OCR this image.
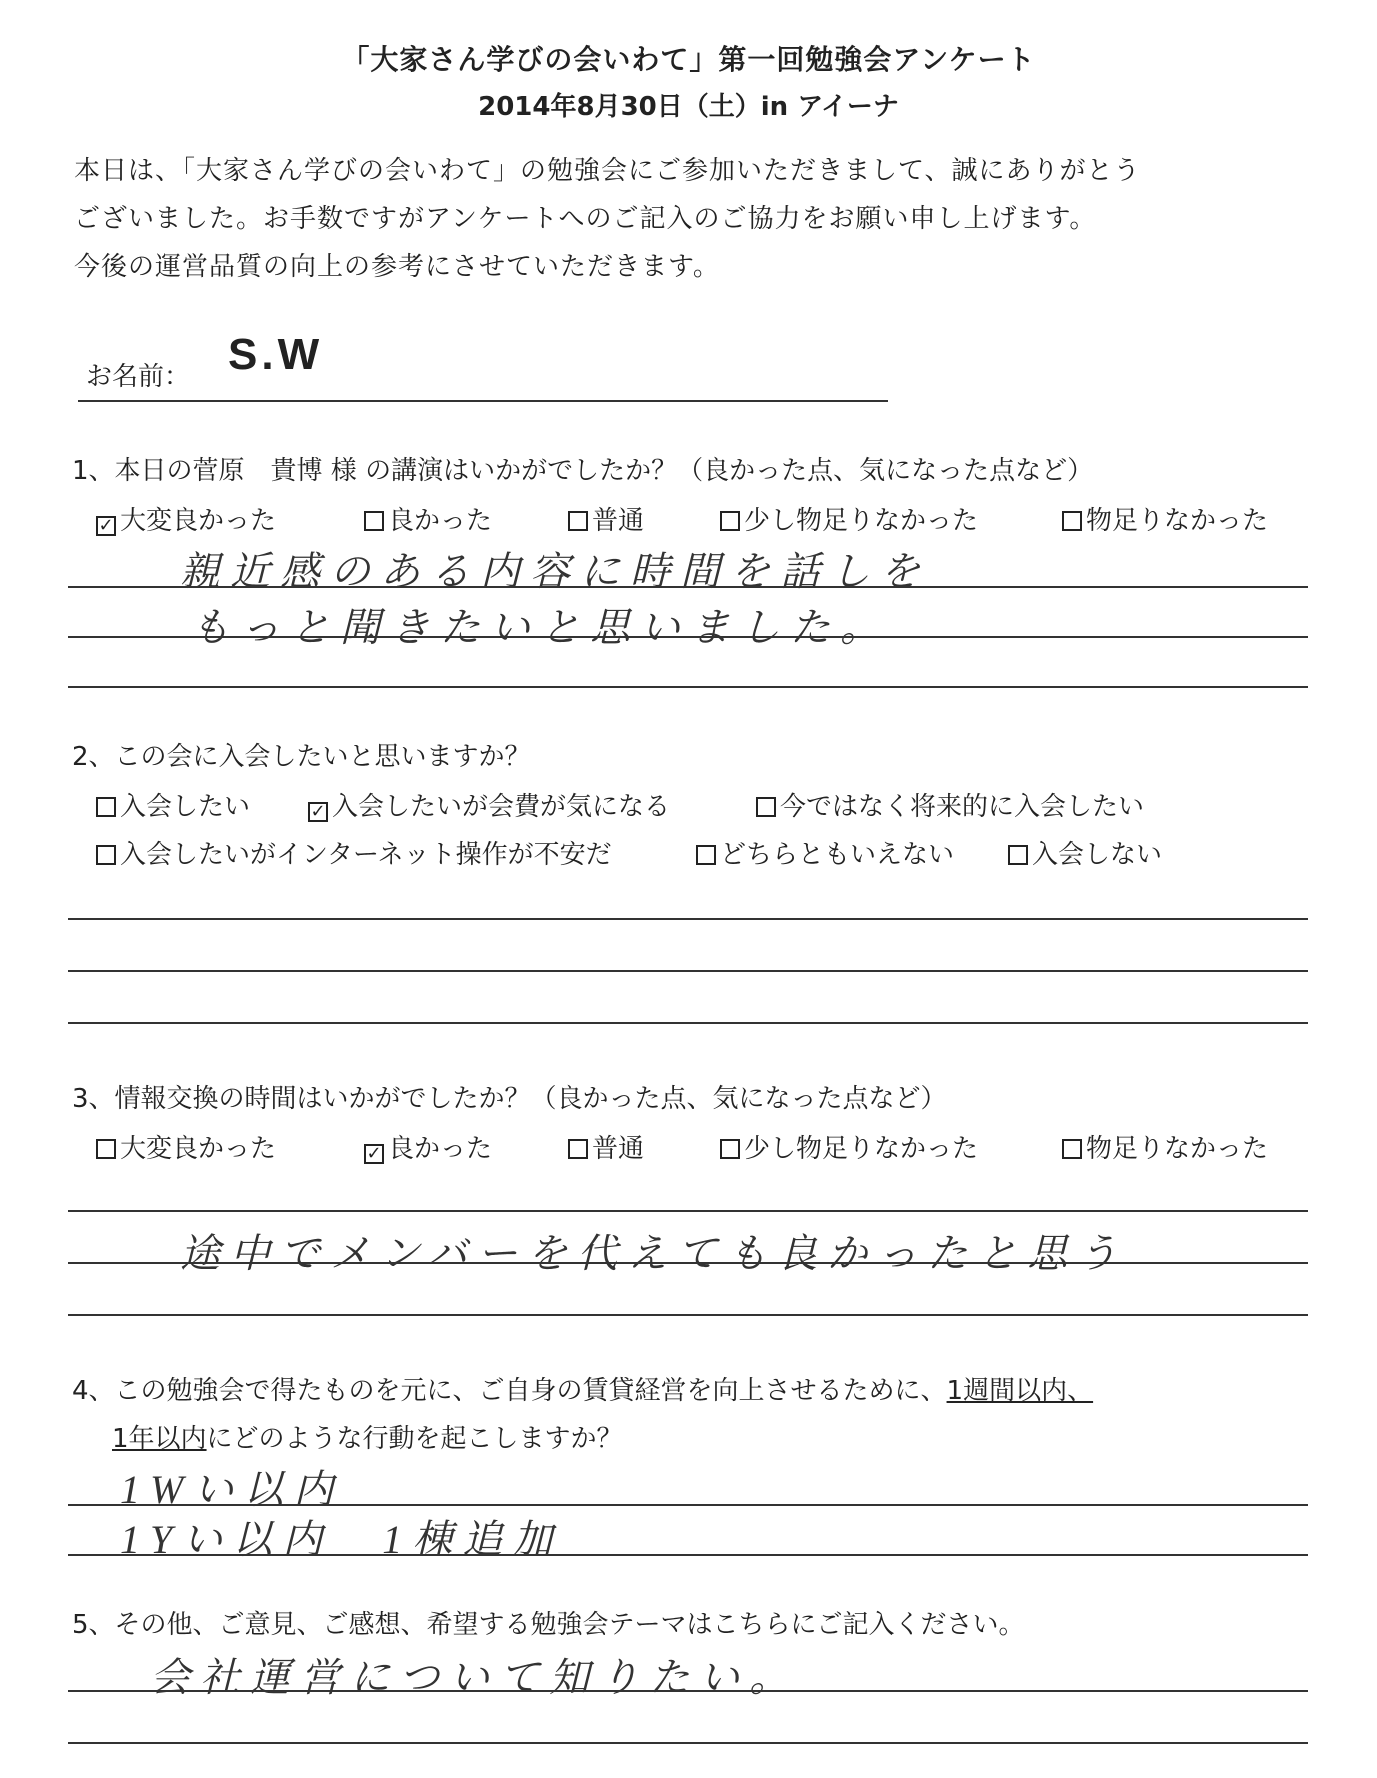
「大家さん学びの会いわて」第一回勉強会アンケート
2014年8月30日（土）in アイーナ
本日は、「大家さん学びの会いわて」の勉強会にご参加いただきまして、誠にありがとう
ございました。お手数ですがアンケートへのご記入のご協力をお願い申し上げます。
今後の運営品質の向上の参考にさせていただきます。
お名前： S.W
1、本日の菅原　貴博 様 の講演はいかがでしたか？（良かった点、気になった点など）
✓ 大変良かった	良かった	普通	少し物足りなかった	物足りなかった
親近感のある内容に時間を話しを
もっと聞きたいと思いました。
2、この会に入会したいと思いますか？
入会したい	✓ 入会したいが会費が気になる	今ではなく将来的に入会したい
入会したいがインターネット操作が不安だ	どちらともいえない	入会しない
3、情報交換の時間はいかがでしたか？（良かった点、気になった点など）
大変良かった	✓ 良かった	普通	少し物足りなかった	物足りなかった
途中でメンバーを代えても良かったと思う
4、この勉強会で得たものを元に、ご自身の賃貸経営を向上させるために、1週間以内、
1年以内にどのような行動を起こしますか？
1Wい以内
1Yい以内　1棟追加
5、その他、ご意見、ご感想、希望する勉強会テーマはこちらにご記入ください。
会社運営について知りたい。
